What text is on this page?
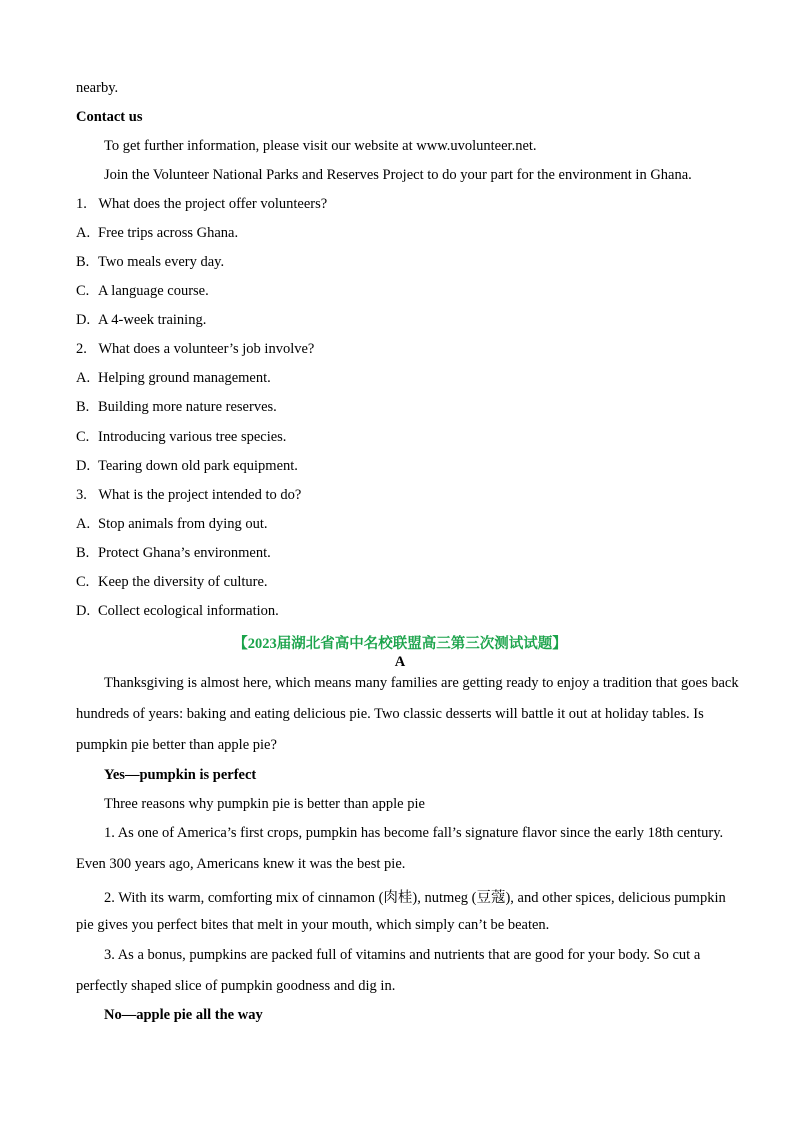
nearby.
Contact us
To get further information, please visit our website at www.uvolunteer.net.
Join the Volunteer National Parks and Reserves Project to do your part for the environment in Ghana.
1. What does the project offer volunteers?
A. Free trips across Ghana.
B. Two meals every day.
C. A language course.
D. A 4-week training.
2. What does a volunteer’s job involve?
A. Helping ground management.
B. Building more nature reserves.
C. Introducing various tree species.
D. Tearing down old park equipment.
3. What is the project intended to do?
A. Stop animals from dying out.
B. Protect Ghana’s environment.
C. Keep the diversity of culture.
D. Collect ecological information.
【2023届湖北省高中名校联盟高三第三次测试试题】
A
Thanksgiving is almost here, which means many families are getting ready to enjoy a tradition that goes back
hundreds of years: baking and eating delicious pie. Two classic desserts will battle it out at holiday tables. Is
pumpkin pie better than apple pie?
Yes—pumpkin is perfect
Three reasons why pumpkin pie is better than apple pie
1. As one of America’s first crops, pumpkin has become fall’s signature flavor since the early 18th century.
Even 300 years ago, Americans knew it was the best pie.
2. With its warm, comforting mix of cinnamon (肉桂), nutmeg (豆蔻), and other spices, delicious pumpkin
pie gives you perfect bites that melt in your mouth, which simply can’t be beaten.
3. As a bonus, pumpkins are packed full of vitamins and nutrients that are good for your body. So cut a
perfectly shaped slice of pumpkin goodness and dig in.
No—apple pie all the way
